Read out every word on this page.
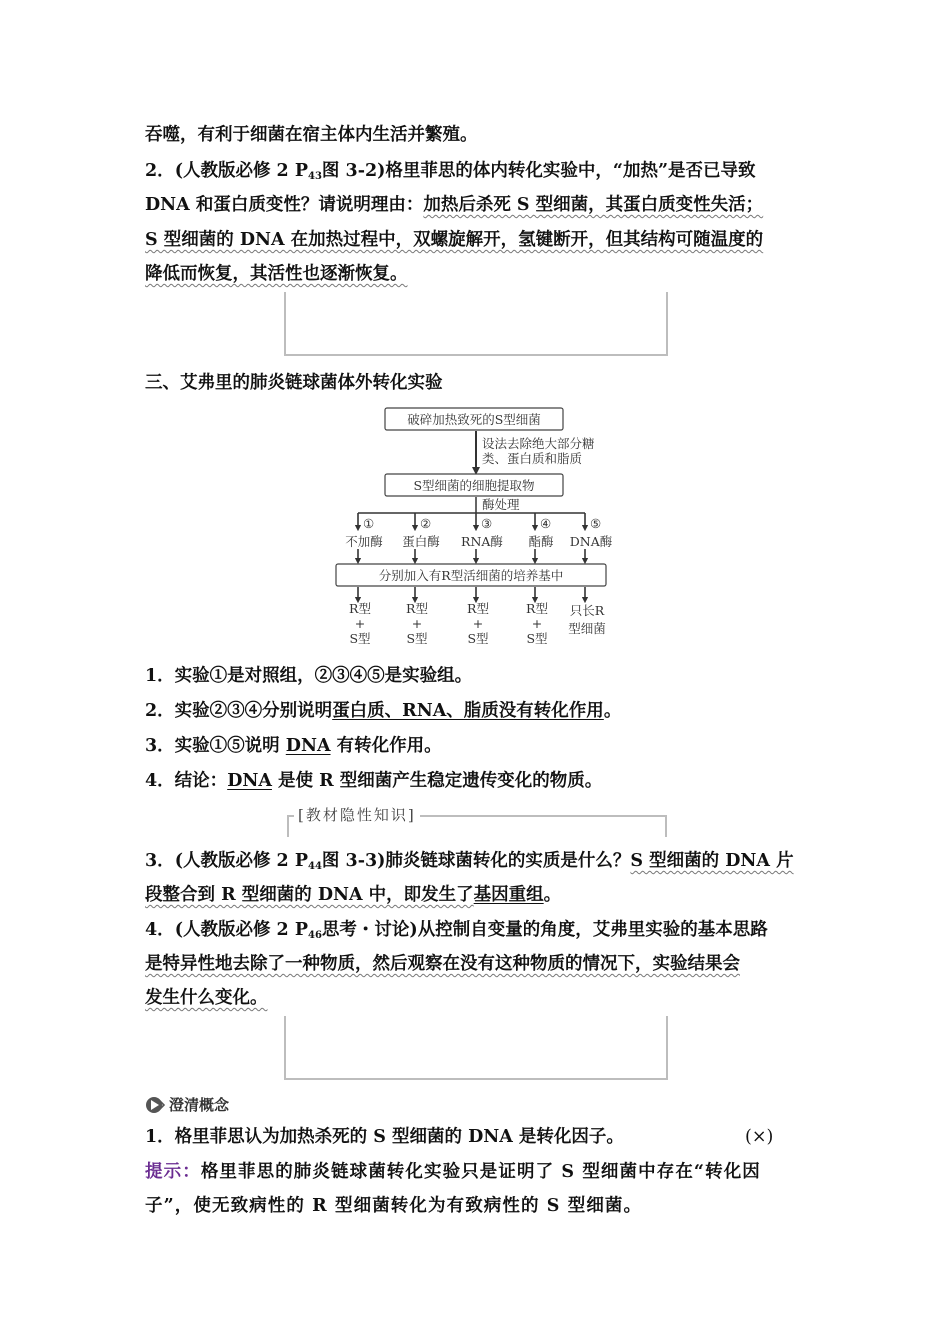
吞噬，有利于细菌在宿主体内生活并繁殖。
2．(人教版必修 2 $P_{43}$图 3-2)格里菲思的体内转化实验中，“加热”是否已导致
DNA 和蛋白质变性？请说明理由：加热后杀死 S 型细菌，其蛋白质变性失活；
S 型细菌的 DNA 在加热过程中，双螺旋解开，氢键断开，但其结构可随温度的
降低而恢复，其活性也逐渐恢复。
三、艾弗里的肺炎链球菌体外转化实验
破碎加热致死的S型细菌
设法去除绝大部分糖
类、蛋白质和脂质
S型细菌的细胞提取物
酶处理
①
不加酶
②
蛋白酶
③
RNA酶
④
酯酶
⑤
DNA酶
分别加入有R型活细菌的培养基中
R型
+
S型
R型
+
S型
R型
+
S型
R型
+
S型
只长R
型细菌
1．实验①是对照组，②③④⑤是实验组。
2．实验②③④分别说明蛋白质、RNA、脂质没有转化作用。
3．实验①⑤说明 DNA 有转化作用。
4．结论：DNA 是使 R 型细菌产生稳定遗传变化的物质。
[教材隐性知识]
3．(人教版必修 2 $P_{44}$图 3-3)肺炎链球菌转化的实质是什么？S 型细菌的 DNA 片
段整合到 R 型细菌的 DNA 中，即发生了基因重组。
4．(人教版必修 2 $P_{46}$思考・讨论)从控制自变量的角度，艾弗里实验的基本思路
是特异性地去除了一种物质，然后观察在没有这种物质的情况下，实验结果会
发生什么变化。
澄清概念
1．格里菲思认为加热杀死的 S 型细菌的 DNA 是转化因子。	(×)
提示：格里菲思的肺炎链球菌转化实验只是证明了 S 型细菌中存在“转化因
子”，使无致病性的 R 型细菌转化为有致病性的 S 型细菌。
